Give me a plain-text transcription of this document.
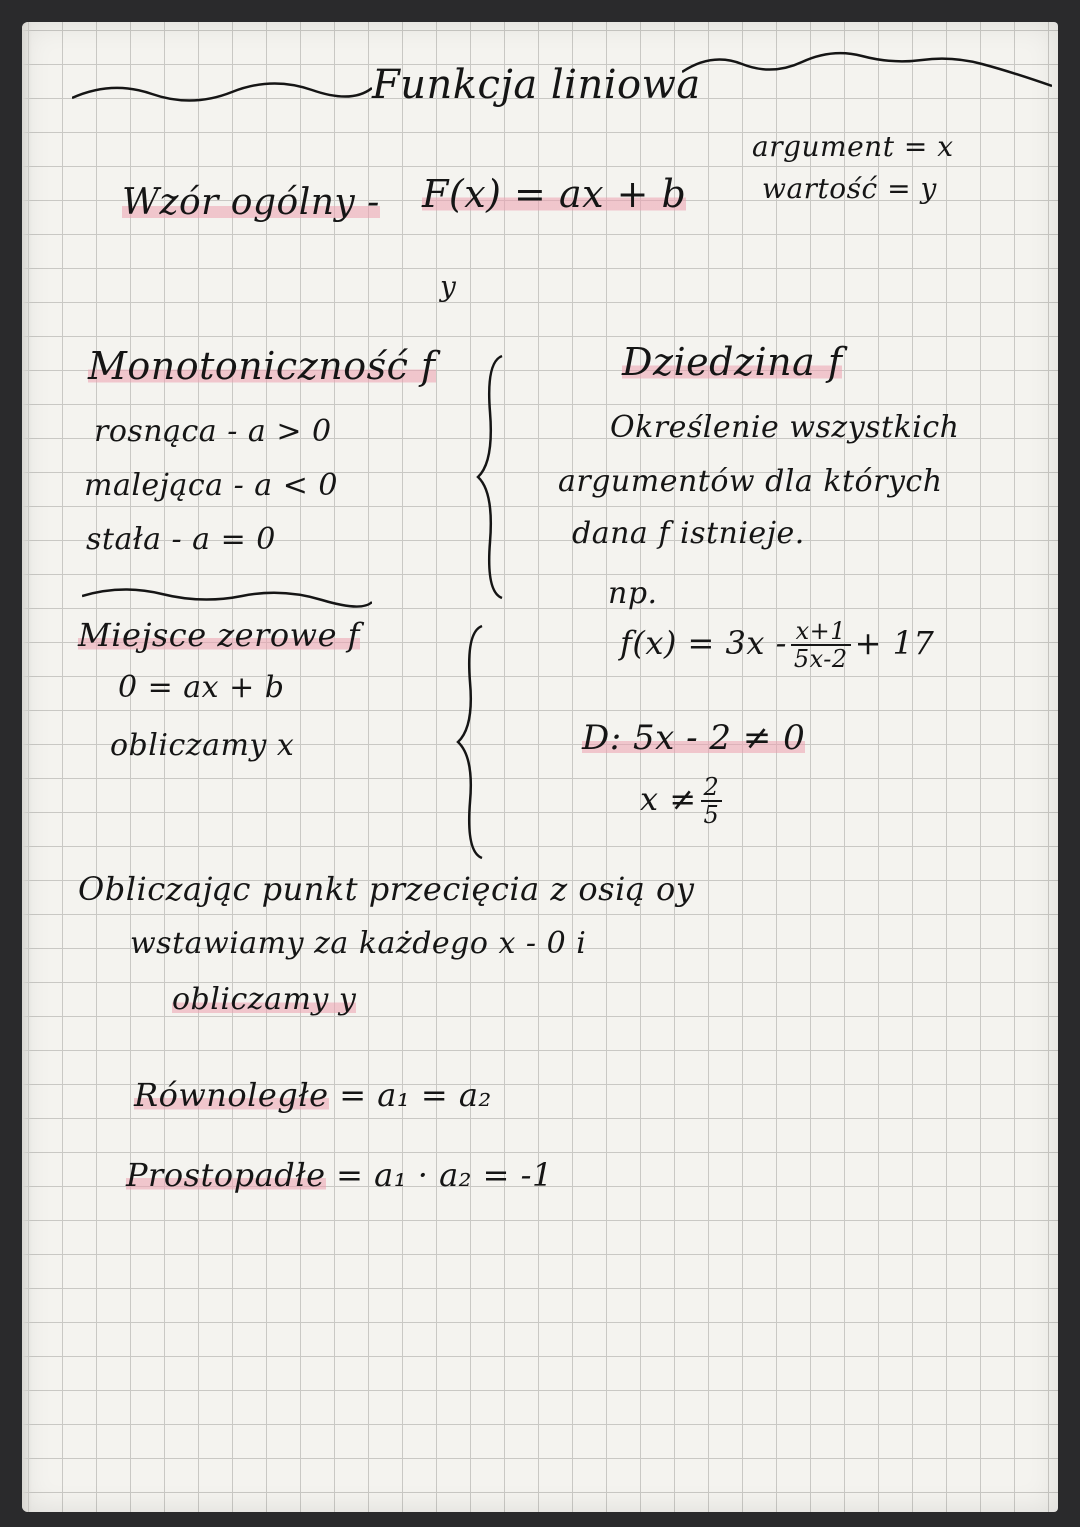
Funkcja liniowa
argument = x
wartość = y
Wzór ogólny - F(x) = ax + b
y
Monotoniczność f
rosnąca - a > 0
malejąca - a < 0
stała - a = 0
Miejsce zerowe f
0 = ax + b
obliczamy x
Dziedzina f
Określenie wszystkich
argumentów dla których
dana f istnieje.
np.
$f(x) = 3x - \frac{x+1}{5x-2} + 17$
D: 5x - 2 ≠ 0
$x \ne \frac{2}{5}$
Obliczając punkt przecięcia z osią oy
wstawiamy za każdego x - 0 i
obliczamy y
Równoległe = a₁ = a₂
Prostopadłe = a₁ · a₂ = -1
